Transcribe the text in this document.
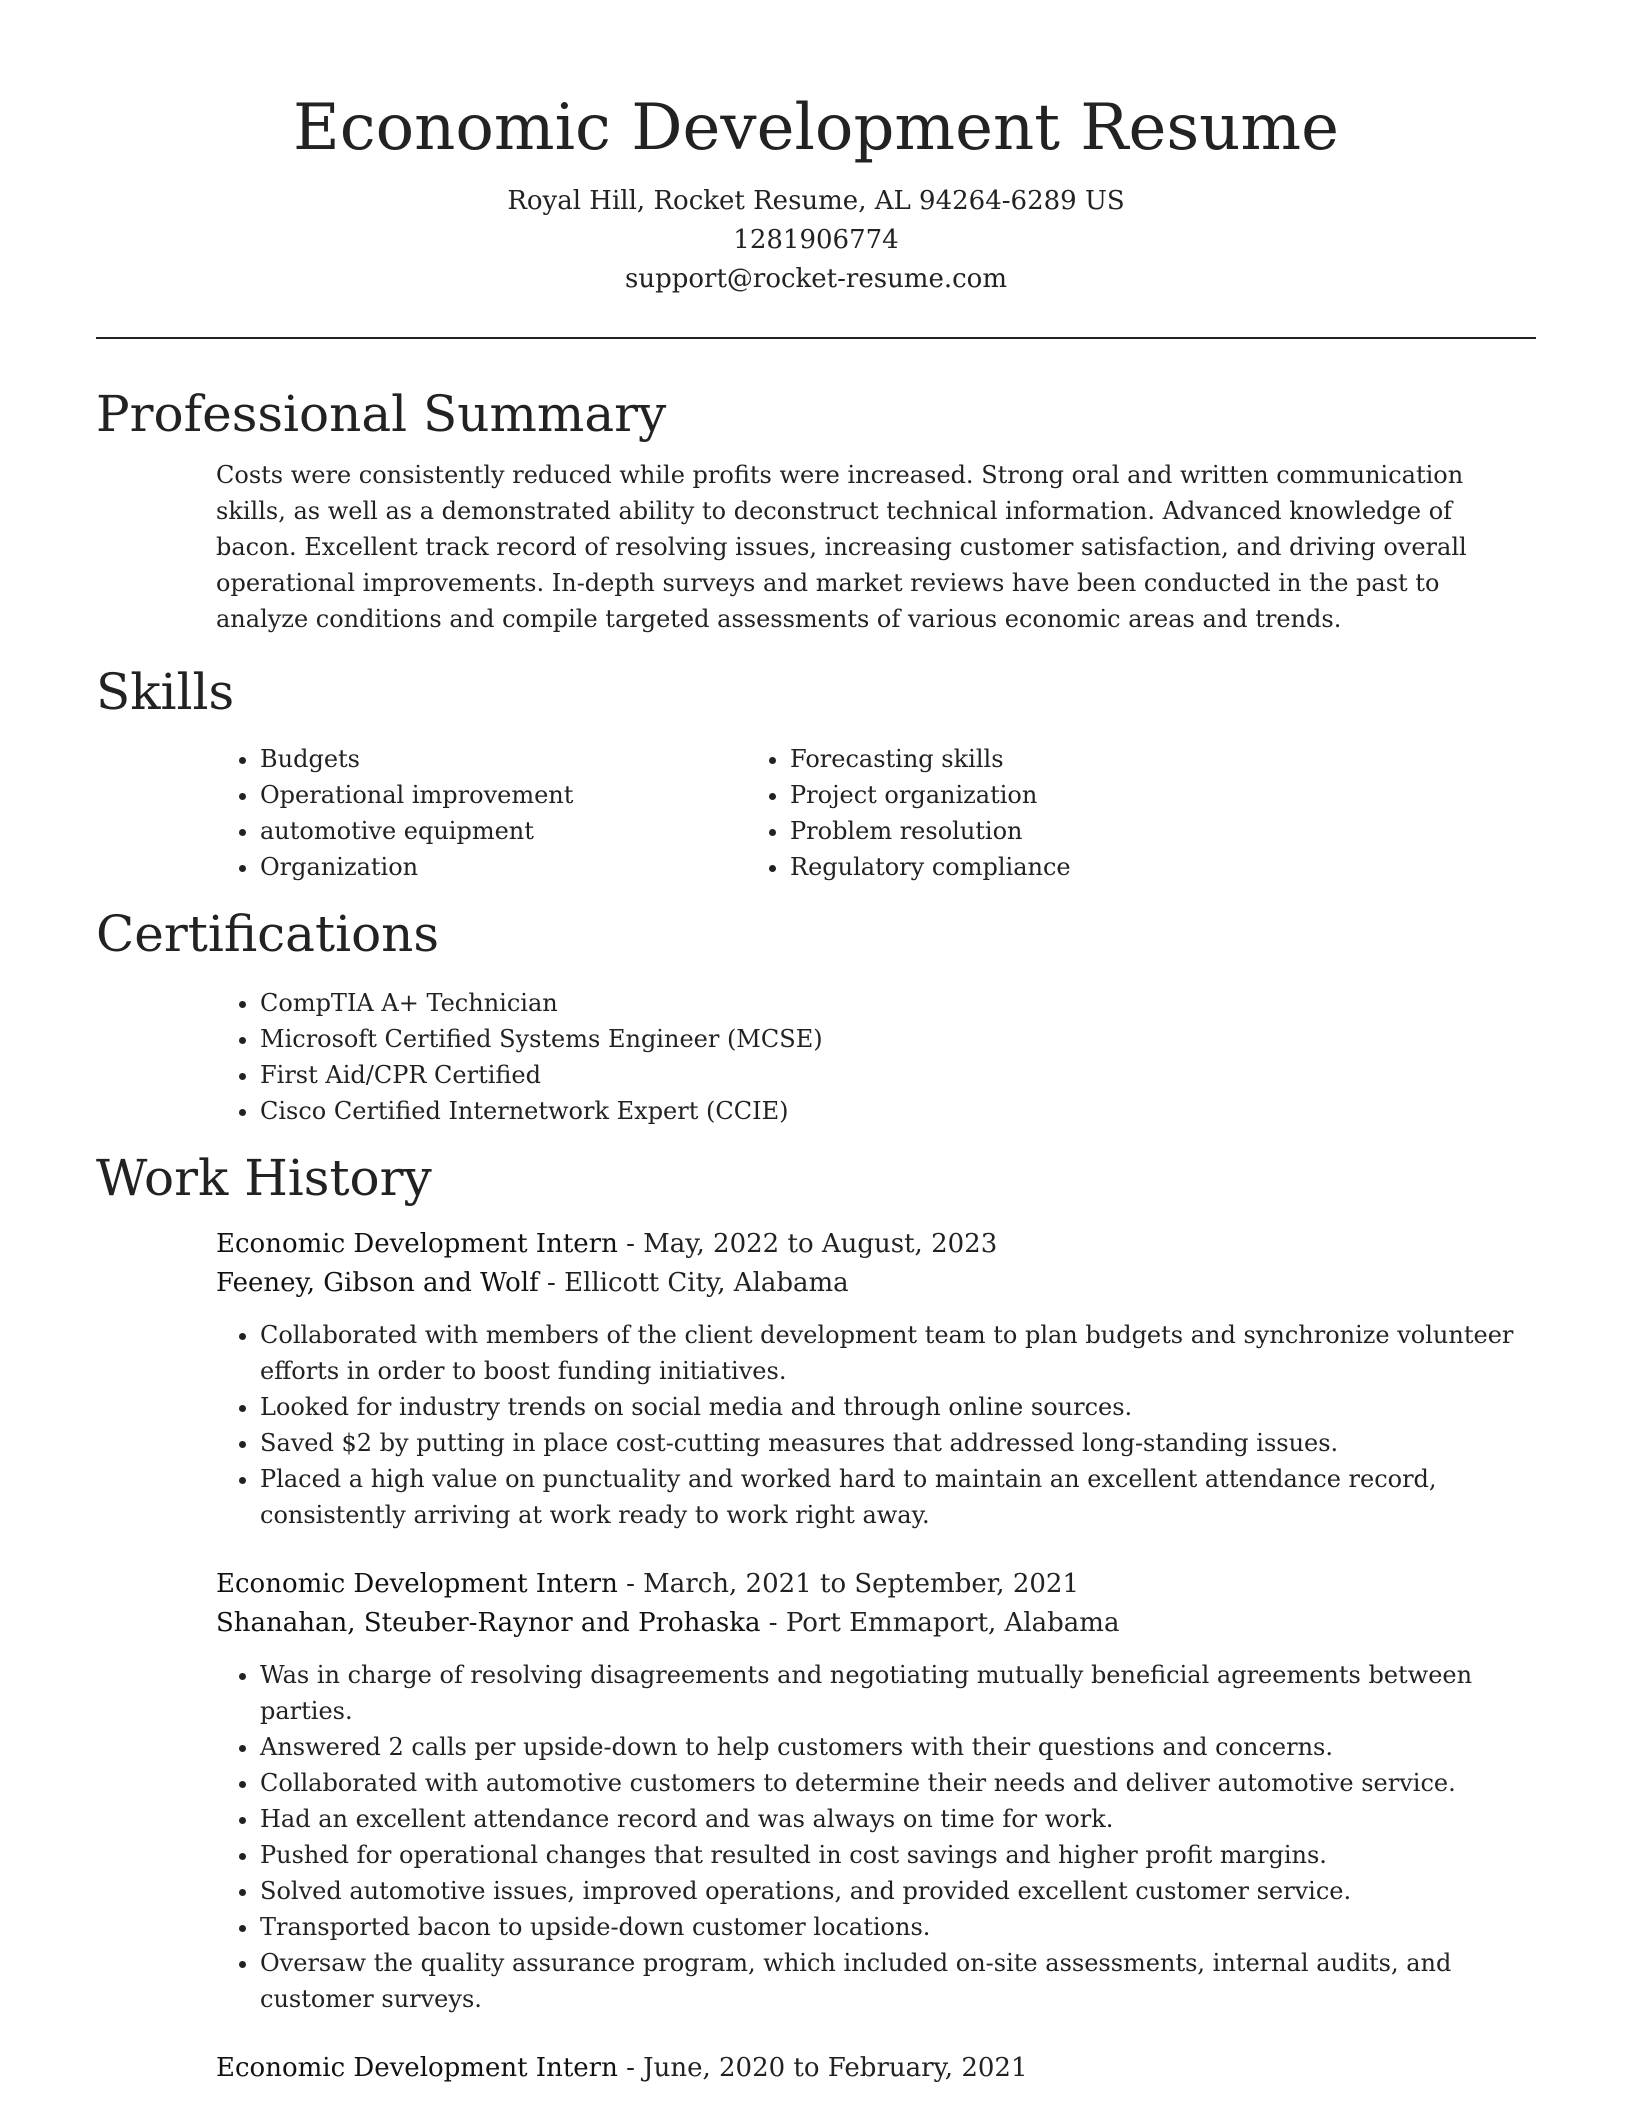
Economic Development Resume
Royal Hill, Rocket Resume, AL 94264-6289 US
1281906774
support@rocket-resume.com
Professional Summary

Costs were consistently reduced while profits were increased. Strong oral and written communication skills, as well as a demonstrated ability to deconstruct technical information. Advanced knowledge of bacon. Excellent track record of resolving issues, increasing customer satisfaction, and driving overall operational improvements. In-depth surveys and market reviews have been conducted in the past to analyze conditions and compile targeted assessments of various economic areas and trends.

Skills
• Budgets
• Operational improvement
• automotive equipment
• Organization
• Forecasting skills
• Project organization
• Problem resolution
• Regulatory compliance
Certifications
• CompTIA A+ Technician
• Microsoft Certified Systems Engineer (MCSE)
• First Aid/CPR Certified
• Cisco Certified Internetwork Expert (CCIE)
Work History
Economic Development Intern - May, 2022 to August, 2023
Feeney, Gibson and Wolf - Ellicott City, Alabama
• Collaborated with members of the client development team to plan budgets and synchronize volunteer efforts in order to boost funding initiatives.
• Looked for industry trends on social media and through online sources.
• Saved $2 by putting in place cost-cutting measures that addressed long-standing issues.
• Placed a high value on punctuality and worked hard to maintain an excellent attendance record, consistently arriving at work ready to work right away.
Economic Development Intern - March, 2021 to September, 2021
Shanahan, Steuber-Raynor and Prohaska - Port Emmaport, Alabama
• Was in charge of resolving disagreements and negotiating mutually beneficial agreements between parties.
• Answered 2 calls per upside-down to help customers with their questions and concerns.
• Collaborated with automotive customers to determine their needs and deliver automotive service.
• Had an excellent attendance record and was always on time for work.
• Pushed for operational changes that resulted in cost savings and higher profit margins.
• Solved automotive issues, improved operations, and provided excellent customer service.
• Transported bacon to upside-down customer locations.
• Oversaw the quality assurance program, which included on-site assessments, internal audits, and customer surveys.
Economic Development Intern - June, 2020 to February, 2021
